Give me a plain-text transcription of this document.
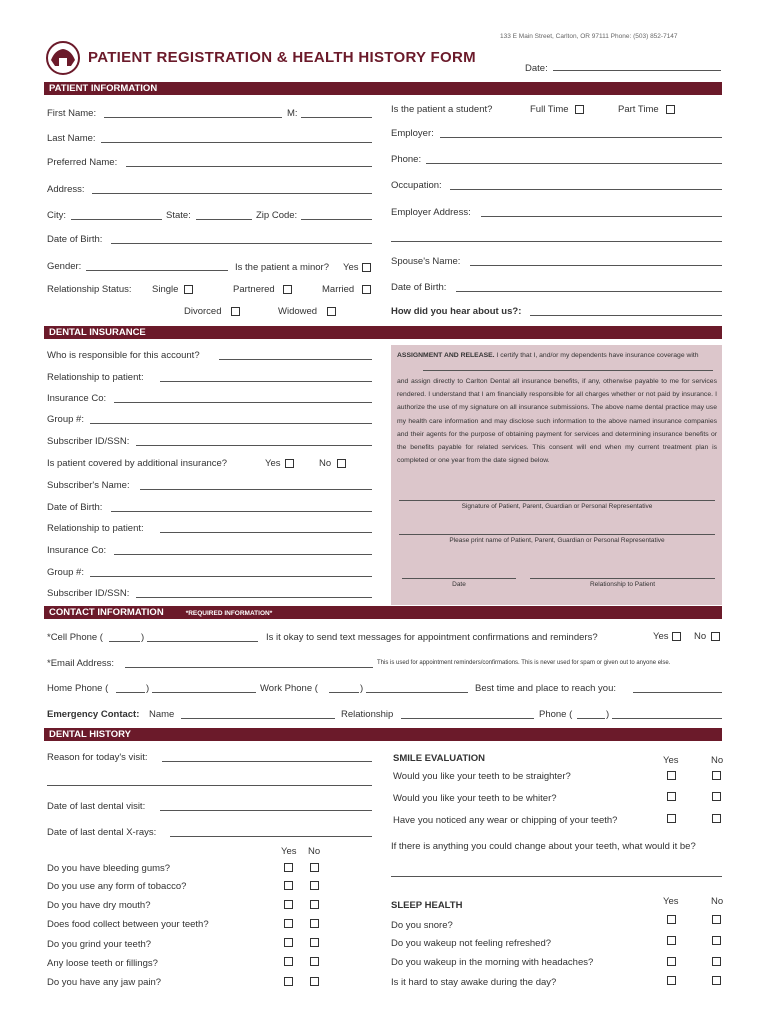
133 E Main Street, Carlton, OR 97111 Phone: (503) 852-7147
PATIENT REGISTRATION & HEALTH HISTORY FORM
Date:
PATIENT INFORMATION
First Name:	M:
Last Name:
Preferred Name:
Address:
City:	State:	Zip Code:
Date of Birth:
Gender:	Is the patient a minor? Yes
Relationship Status: Single	Partnered	Married
Divorced	Widowed
Is the patient a student?	Full Time	Part Time
Employer:
Phone:
Occupation:
Employer Address:
Spouse's Name:
Date of Birth:
How did you hear about us?:
DENTAL INSURANCE
Who is responsible for this account?
Relationship to patient:
Insurance Co:
Group #:
Subscriber ID/SSN:
Is patient covered by additional insurance?	Yes	No
Subscriber's Name:
Date of Birth:
Relationship to patient:
Insurance Co:
Group #:
Subscriber ID/SSN:

ASSIGNMENT AND RELEASE. I certify that I, and/or my dependents have insurance coverage with

and assign directly to Carlton Dental all insurance benefits, if any, otherwise payable to me for services rendered. I understand that I am financially responsible for all charges whether or not paid by insurance. I authorize the use of my signature on all insurance submissions. The above name dental practice may use my health care information and may disclose such information to the above named insurance companies and their agents for the purpose of obtaining payment for services and determining insurance benefits or the benefits payable for related services. This consent will end when my current treatment plan is completed or one year from the date signed below.

Signature of Patient, Parent, Guardian or Personal Representative
Please print name of Patient, Parent, Guardian or Personal Representative
Date	Relationship to Patient
CONTACT INFORMATION	*REQUIRED INFORMATION*
*Cell Phone (	)	Is it okay to send text messages for appointment confirmations and reminders?	Yes	No
*Email Address:	This is used for appointment reminders/confirmations. This is never used for spam or given out to anyone else.
Home Phone (	)	Work Phone (	)	Best time and place to reach you:
Emergency Contact: Name	Relationship	Phone (	)
DENTAL HISTORY
Reason for today's visit:
Date of last dental visit:
Date of last dental X-rays:
Yes No
Do you have bleeding gums?
Do you use any form of tobacco?
Do you have dry mouth?
Does food collect between your teeth?
Do you grind your teeth?
Any loose teeth or fillings?
Do you have any jaw pain?
SMILE EVALUATION	Yes	No
Would you like your teeth to be straighter?
Would you like your teeth to be whiter?
Have you noticed any wear or chipping of your teeth?
If there is anything you could change about your teeth, what would it be?
SLEEP HEALTH	Yes	No
Do you snore?
Do you wakeup not feeling refreshed?
Do you wakeup in the morning with headaches?
Is it hard to stay awake during the day?
